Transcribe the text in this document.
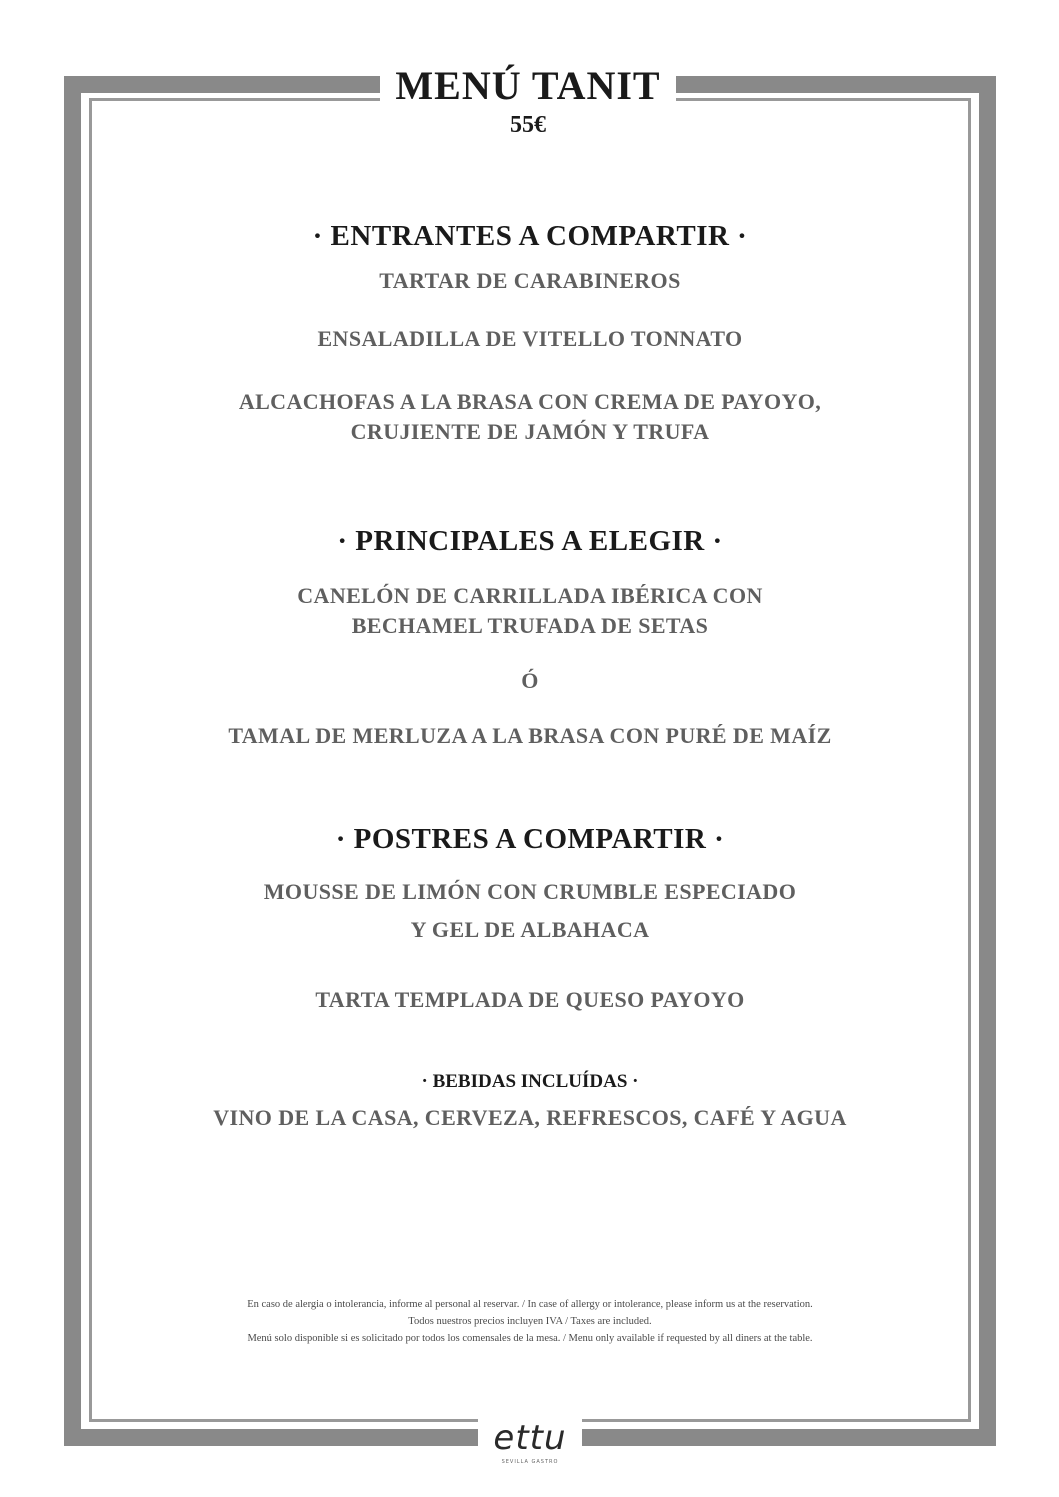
MENÚ TANIT
55€

· ENTRANTES A COMPARTIR ·

TARTAR DE CARABINEROS

ENSALADILLA DE VITELLO TONNATO

ALCACHOFAS A LA BRASA CON CREMA DE PAYOYO,

CRUJIENTE DE JAMÓN Y TRUFA

· PRINCIPALES A ELEGIR ·

CANELÓN DE CARRILLADA IBÉRICA CON

BECHAMEL TRUFADA DE SETAS

Ó

TAMAL DE MERLUZA A LA BRASA CON PURÉ DE MAÍZ

· POSTRES A COMPARTIR ·

MOUSSE DE LIMÓN CON CRUMBLE ESPECIADO

Y GEL DE ALBAHACA

TARTA TEMPLADA DE QUESO PAYOYO

· BEBIDAS INCLUÍDAS ·

VINO DE LA CASA, CERVEZA, REFRESCOS, CAFÉ Y AGUA

En caso de alergia o intolerancia, informe al personal al reservar. / In case of allergy or intolerance, please inform us at the reservation.
Todos nuestros precios incluyen IVA / Taxes are included.
Menú solo disponible si es solicitado por todos los comensales de la mesa. / Menu only available if requested by all diners at the table.
ettu
SEVILLA GASTRO
